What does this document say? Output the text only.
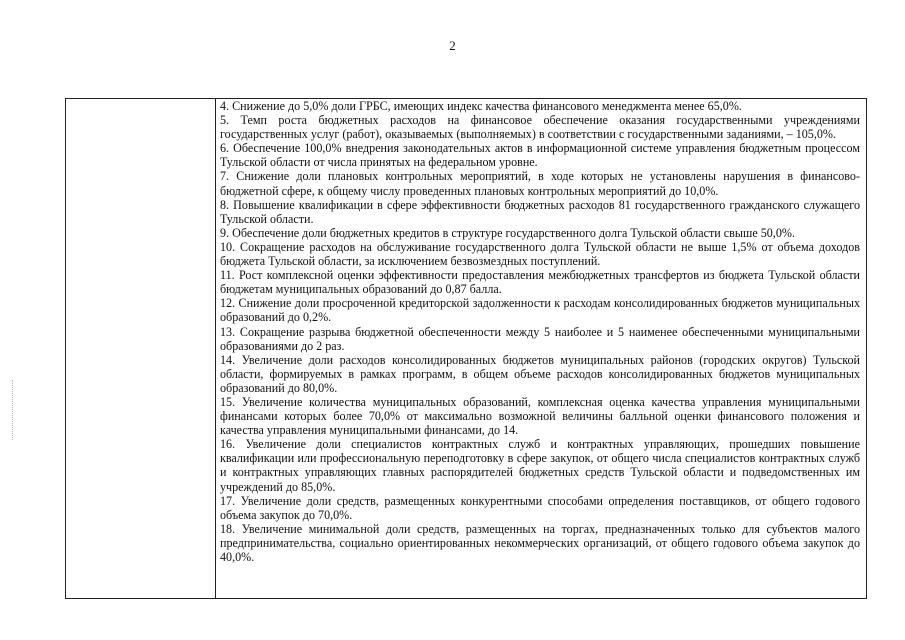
2

4. Снижение до 5,0% доли ГРБС, имеющих индекс качества финансового менеджмента менее 65,0%.

5. Темп роста бюджетных расходов на финансовое обеспечение оказания государственными учреждениями государственных услуг (работ), оказываемых (выполняемых) в соответствии с государственными заданиями, – 105,0%.

6. Обеспечение 100,0% внедрения законодательных актов в информационной системе управления бюджетным процессом Тульской области от числа принятых на федеральном уровне.

7. Снижение доли плановых контрольных мероприятий, в ходе которых не установлены нарушения в финансово-бюджетной сфере, к общему числу проведенных плановых контрольных мероприятий до 10,0%.

8. Повышение квалификации в сфере эффективности бюджетных расходов 81 государственного гражданского служащего Тульской области.

9. Обеспечение доли бюджетных кредитов в структуре государственного долга Тульской области свыше 50,0%.

10. Сокращение расходов на обслуживание государственного долга Тульской области не выше 1,5% от объема доходов бюджета Тульской области, за исключением безвозмездных поступлений.

11. Рост комплексной оценки эффективности предоставления межбюджетных трансфертов из бюджета Тульской области бюджетам муниципальных образований до 0,87 балла.

12. Снижение доли просроченной кредиторской задолженности к расходам консолидированных бюджетов муниципальных образований до 0,2%.

13. Сокращение разрыва бюджетной обеспеченности между 5 наиболее и 5 наименее обеспеченными муниципальными образованиями до 2 раз.

14. Увеличение доли расходов консолидированных бюджетов муниципальных районов (городских округов) Тульской области, формируемых в рамках программ, в общем объеме расходов консолидированных бюджетов муниципальных образований до 80,0%.

15. Увеличение количества муниципальных образований, комплексная оценка качества управления муниципальными финансами которых более 70,0% от максимально возможной величины балльной оценки финансового положения и качества управления муниципальными финансами, до 14.

16. Увеличение доли специалистов контрактных служб и контрактных управляющих, прошедших повышение квалификации или профессиональную переподготовку в сфере закупок, от общего числа специалистов контрактных служб и контрактных управляющих главных распорядителей бюджетных средств Тульской области и подведомственных им учреждений до 85,0%.

17. Увеличение доли средств, размещенных конкурентными способами определения поставщиков, от общего годового объема закупок до 70,0%.

18. Увеличение минимальной доли средств, размещенных на торгах, предназначенных только для субъектов малого предпринимательства, социально ориентированных некоммерческих организаций, от общего годового объема закупок до 40,0%.
